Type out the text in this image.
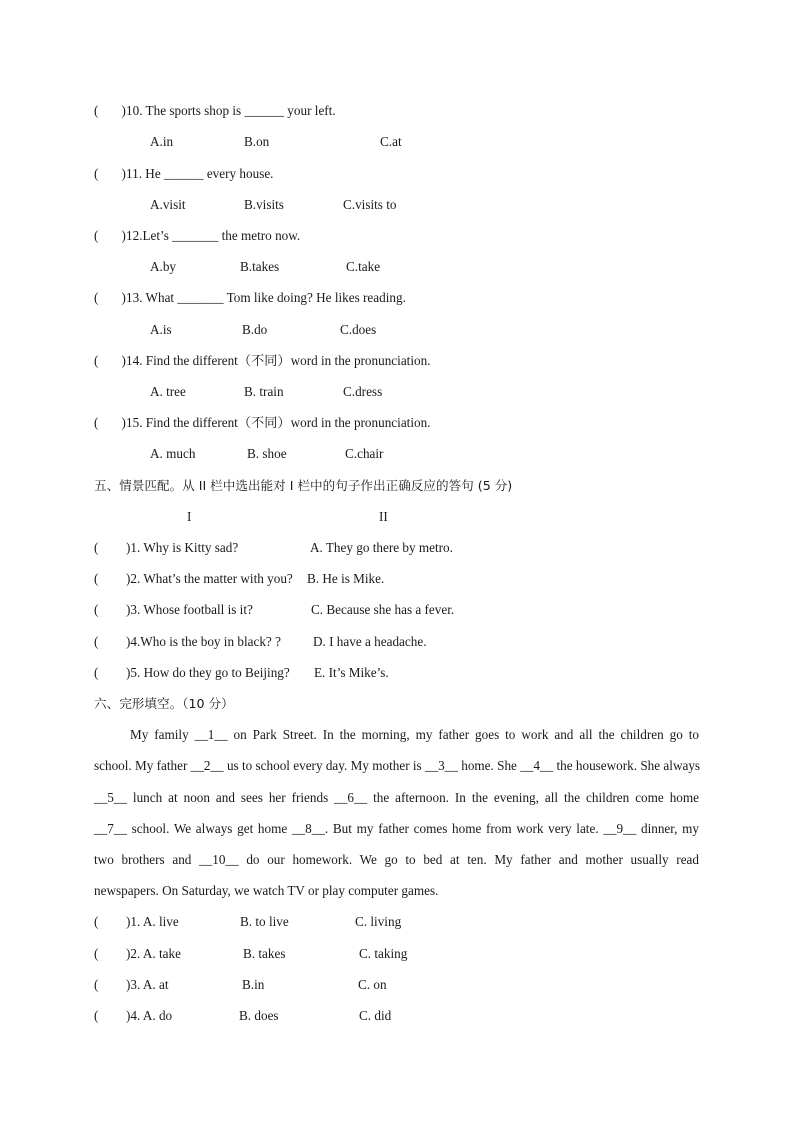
(       )10. The sports shop is ______ your left.
A.in	B.on	C.at
(       )11. He ______ every house.
A.visit	B.visits	C.visits to
(       )12.Let’s _______ the metro now.
A.by	B.takes	C.take
(       )13. What _______ Tom like doing? He likes reading.
A.is	B.do	C.does
(       )14. Find the different（不同）word in the pronunciation.
A. tree	B. train	C.dress
(       )15. Find the different（不同）word in the pronunciation.
A. much	B. shoe	C.chair
五、情景匹配。从 II 栏中选出能对 I 栏中的句子作出正确反应的答句 (5 分)
I	II
(       )1. Why is Kitty sad?	A. They go there by metro.
(       )2. What’s the matter with you? B. He is Mike.
(       )3. Whose football is it?	C. Because she has a fever.
(       )4.Who is the boy in black? ? D. I have a headache.
(       )5. How do they go to Beijing? E. It’s Mike’s.
六、完形填空。（10 分）
My family __1__ on Park Street. In the morning, my father goes to work and all the children go to
school. My father __2__ us to school every day. My mother is __3__ home. She __4__ the housework. She always
__5__ lunch at noon and sees her friends __6__ the afternoon. In the evening, all the children come home
__7__ school. We always get home __8__. But my father comes home from work very late. __9__ dinner, my
two brothers and __10__ do our homework. We go to bed at ten. My father and mother usually read
newspapers. On Saturday, we watch TV or play computer games.
(       )1. A. live	B. to live	C. living
(       )2. A. take	B. takes	C. taking
(       )3. A. at	B.in	C. on
(       )4. A. do	B. does	C. did
